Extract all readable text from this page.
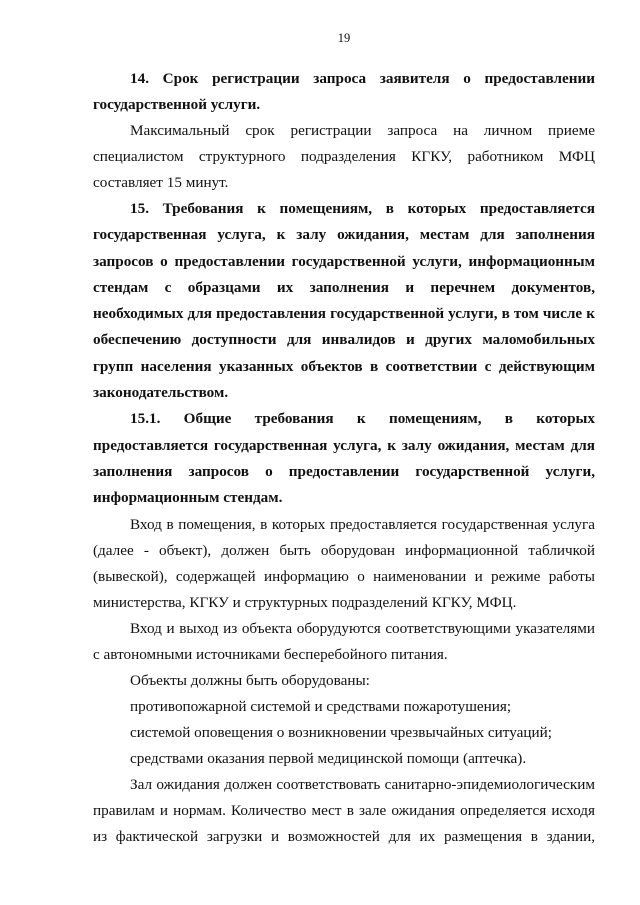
19

14. Срок регистрации запроса заявителя о предоставлении государственной услуги.

Максимальный срок регистрации запроса на личном приеме специалистом структурного подразделения КГКУ, работником МФЦ составляет 15 минут.

15. Требования к помещениям, в которых предоставляется государственная услуга, к залу ожидания, местам для заполнения запросов о предоставлении государственной услуги, информационным стендам с образцами их заполнения и перечнем документов, необходимых для предоставления государственной услуги, в том числе к обеспечению доступности для инвалидов и других маломобильных групп населения указанных объектов в соответствии с действующим законодательством.

15.1. Общие требования к помещениям, в которых предоставляется государственная услуга, к залу ожидания, местам для заполнения запросов о предоставлении государственной услуги, информационным стендам.

Вход в помещения, в которых предоставляется государственная услуга (далее - объект), должен быть оборудован информационной табличкой (вывеской), содержащей информацию о наименовании и режиме работы министерства, КГКУ и структурных подразделений КГКУ, МФЦ.

Вход и выход из объекта оборудуются соответствующими указателями с автономными источниками бесперебойного питания.

Объекты должны быть оборудованы:

противопожарной системой и средствами пожаротушения;

системой оповещения о возникновении чрезвычайных ситуаций;

средствами оказания первой медицинской помощи (аптечка).

Зал ожидания должен соответствовать санитарно-эпидемиологическим правилам и нормам. Количество мест в зале ожидания определяется исходя из фактической загрузки и возможностей для их размещения в здании,
